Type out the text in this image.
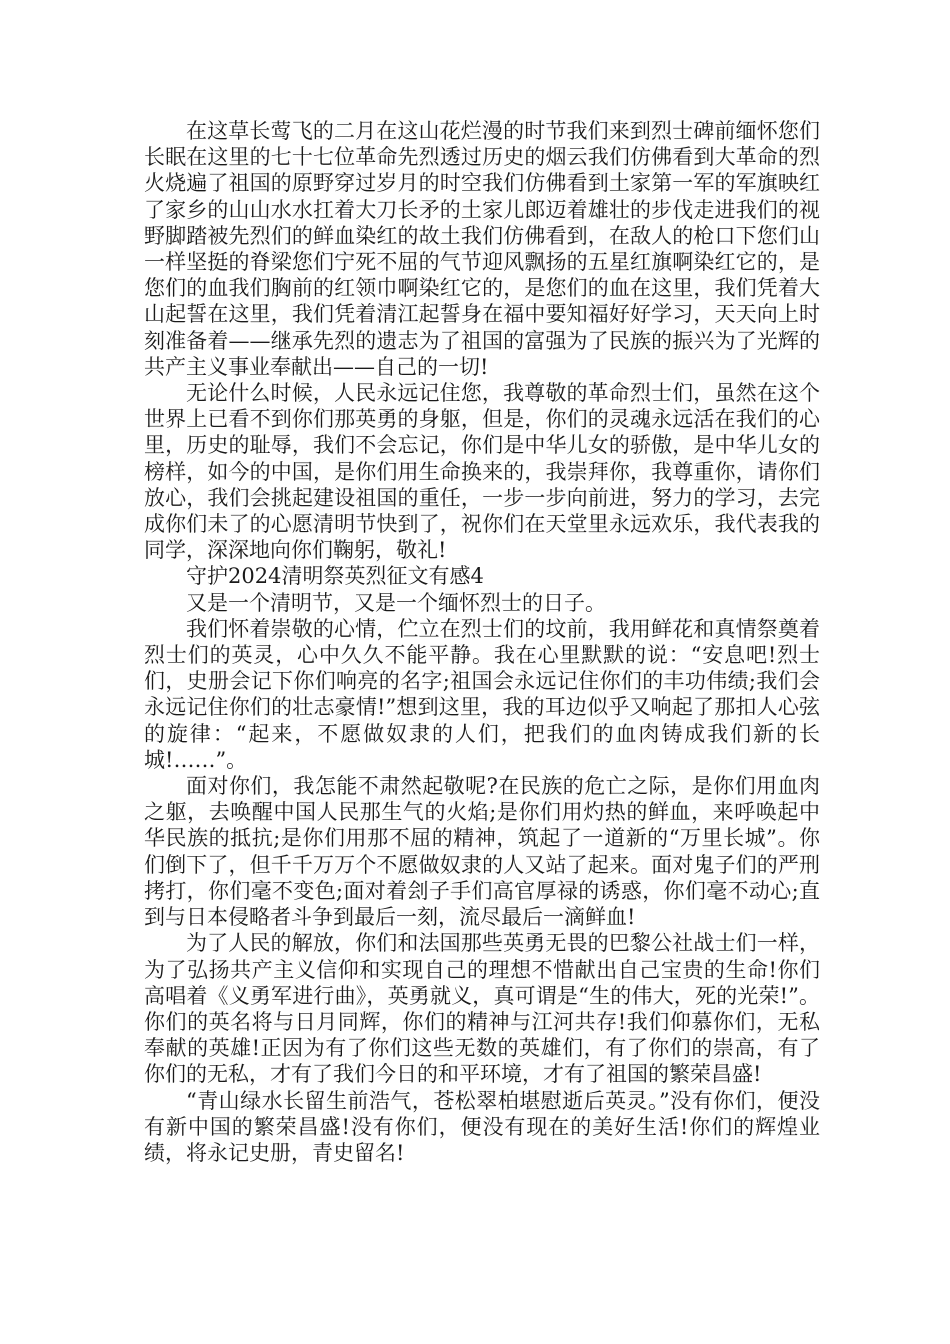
在这草长莺飞的二月在这山花烂漫的时节我们来到烈士碑前缅怀您们长眠在这里的七十七位革命先烈透过历史的烟云我们仿佛看到大革命的烈火烧遍了祖国的原野穿过岁月的时空我们仿佛看到土家第一军的军旗映红了家乡的山山水水扛着大刀长矛的土家儿郎迈着雄壮的步伐走进我们的视野脚踏被先烈们的鲜血染红的故土我们仿佛看到，在敌人的枪口下您们山一样坚挺的脊梁您们宁死不屈的气节迎风飘扬的五星红旗啊染红它的，是您们的血我们胸前的红领巾啊染红它的，是您们的血在这里，我们凭着大山起誓在这里，我们凭着清江起誓身在福中要知福好好学习，天天向上时刻准备着——继承先烈的遗志为了祖国的富强为了民族的振兴为了光辉的共产主义事业奉献出——自己的一切!

无论什么时候，人民永远记住您，我尊敬的革命烈士们，虽然在这个世界上已看不到你们那英勇的身躯，但是，你们的灵魂永远活在我们的心里，历史的耻辱，我们不会忘记，你们是中华儿女的骄傲，是中华儿女的榜样，如今的中国，是你们用生命换来的，我崇拜你，我尊重你，请你们放心，我们会挑起建设祖国的重任，一步一步向前进，努力的学习，去完成你们未了的心愿清明节快到了，祝你们在天堂里永远欢乐，我代表我的同学，深深地向你们鞠躬，敬礼!

守护2024清明祭英烈征文有感4

又是一个清明节，又是一个缅怀烈士的日子。

我们怀着崇敬的心情，伫立在烈士们的坟前，我用鲜花和真情祭奠着烈士们的英灵，心中久久不能平静。我在心里默默的说：“安息吧!烈士们，史册会记下你们响亮的名字;祖国会永远记住你们的丰功伟绩;我们会永远记住你们的壮志豪情!”想到这里，我的耳边似乎又响起了那扣人心弦的旋律：“起来，不愿做奴隶的人们，把我们的血肉铸成我们新的长城!……”。

面对你们，我怎能不肃然起敬呢?在民族的危亡之际，是你们用血肉之躯，去唤醒中国人民那生气的火焰;是你们用灼热的鲜血，来呼唤起中华民族的抵抗;是你们用那不屈的精神，筑起了一道新的“万里长城”。你们倒下了，但千千万万个不愿做奴隶的人又站了起来。面对鬼子们的严刑拷打，你们毫不变色;面对着刽子手们高官厚禄的诱惑，你们毫不动心;直到与日本侵略者斗争到最后一刻，流尽最后一滴鲜血!

为了人民的解放，你们和法国那些英勇无畏的巴黎公社战士们一样，为了弘扬共产主义信仰和实现自己的理想不惜献出自己宝贵的生命!你们高唱着《义勇军进行曲》，英勇就义，真可谓是“生的伟大，死的光荣!”。你们的英名将与日月同辉，你们的精神与江河共存!我们仰慕你们，无私奉献的英雄!正因为有了你们这些无数的英雄们，有了你们的崇高，有了你们的无私，才有了我们今日的和平环境，才有了祖国的繁荣昌盛!

“青山绿水长留生前浩气，苍松翠柏堪慰逝后英灵。”没有你们，便没有新中国的繁荣昌盛!没有你们，便没有现在的美好生活!你们的辉煌业绩，将永记史册，青史留名!
